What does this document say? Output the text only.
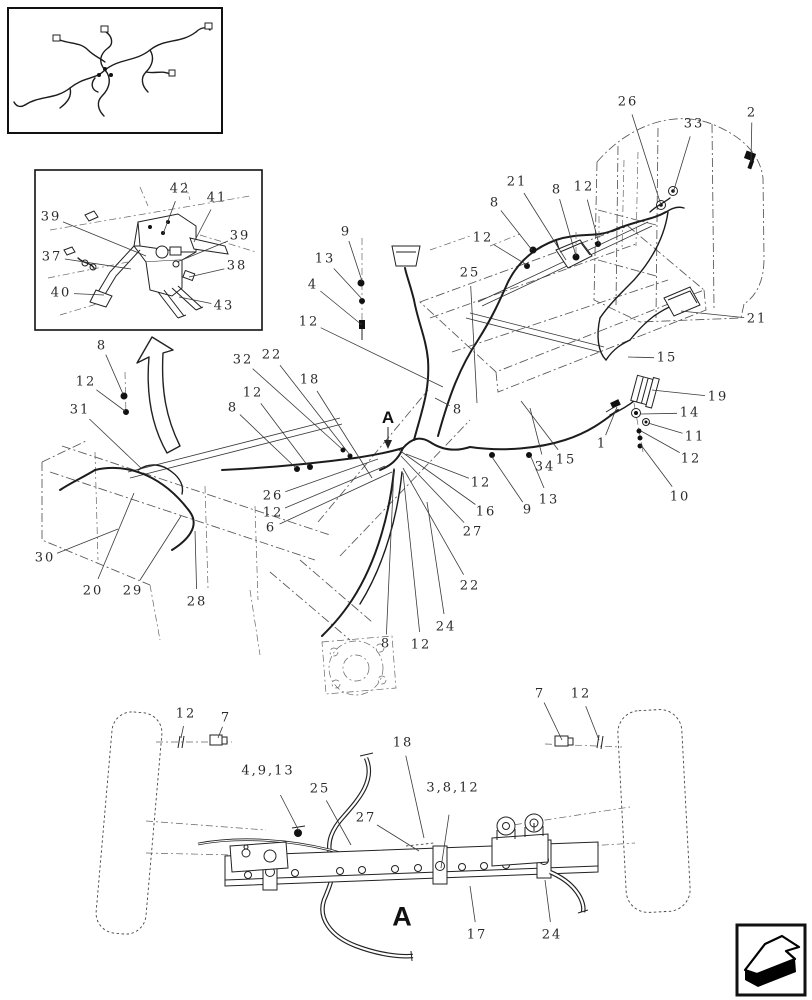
42
41
39
39
37
38
40
43
26
33
2
21
8 12
8
12
9
13
4
12
25
18
32 22
12
8
8
12
31
26
12
6
30
20 29
28
8
12
16
27
22
24
8 12
9
13
34 15
1
15
19
14
11
12
10
21
12 7
4,9,13
25
27
18
3,8,12
17	24
7 12
A
A
